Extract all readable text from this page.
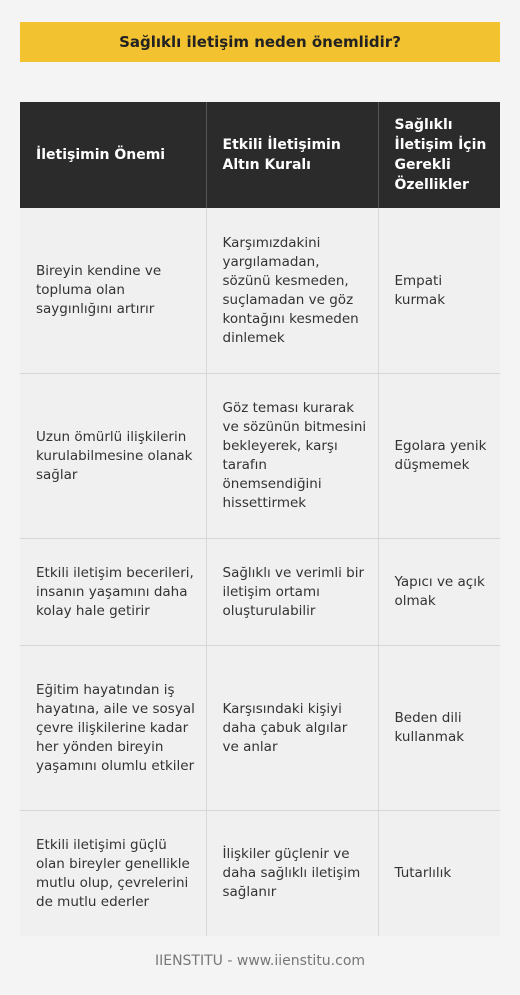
Sağlıklı iletişim neden önemlidir?
İletişimin Önemi	Etkili İletişimin Altın Kuralı	Sağlıklı İletişim İçin Gerekli Özellikler
Bireyin kendine ve topluma olan saygınlığını artırır	Karşımızdakini yargılamadan, sözünü kesmeden, suçlamadan ve göz kontağını kesmeden dinlemek	Empati kurmak
Uzun ömürlü ilişkilerin kurulabilmesine olanak sağlar	Göz teması kurarak ve sözünün bitmesini bekleyerek, karşı tarafın önemsendiğini hissettirmek	Egolara yenik düşmemek
Etkili iletişim becerileri, insanın yaşamını daha kolay hale getirir	Sağlıklı ve verimli bir iletişim ortamı oluşturulabilir	Yapıcı ve açık olmak
Eğitim hayatından iş hayatına, aile ve sosyal çevre ilişkilerine kadar her yönden bireyin yaşamını olumlu etkiler	Karşısındaki kişiyi daha çabuk algılar ve anlar	Beden dili kullanmak
Etkili iletişimi güçlü olan bireyler genellikle mutlu olup, çevrelerini de mutlu ederler	İlişkiler güçlenir ve daha sağlıklı iletişim sağlanır	Tutarlılık
IIENSTITU - www.iienstitu.com
